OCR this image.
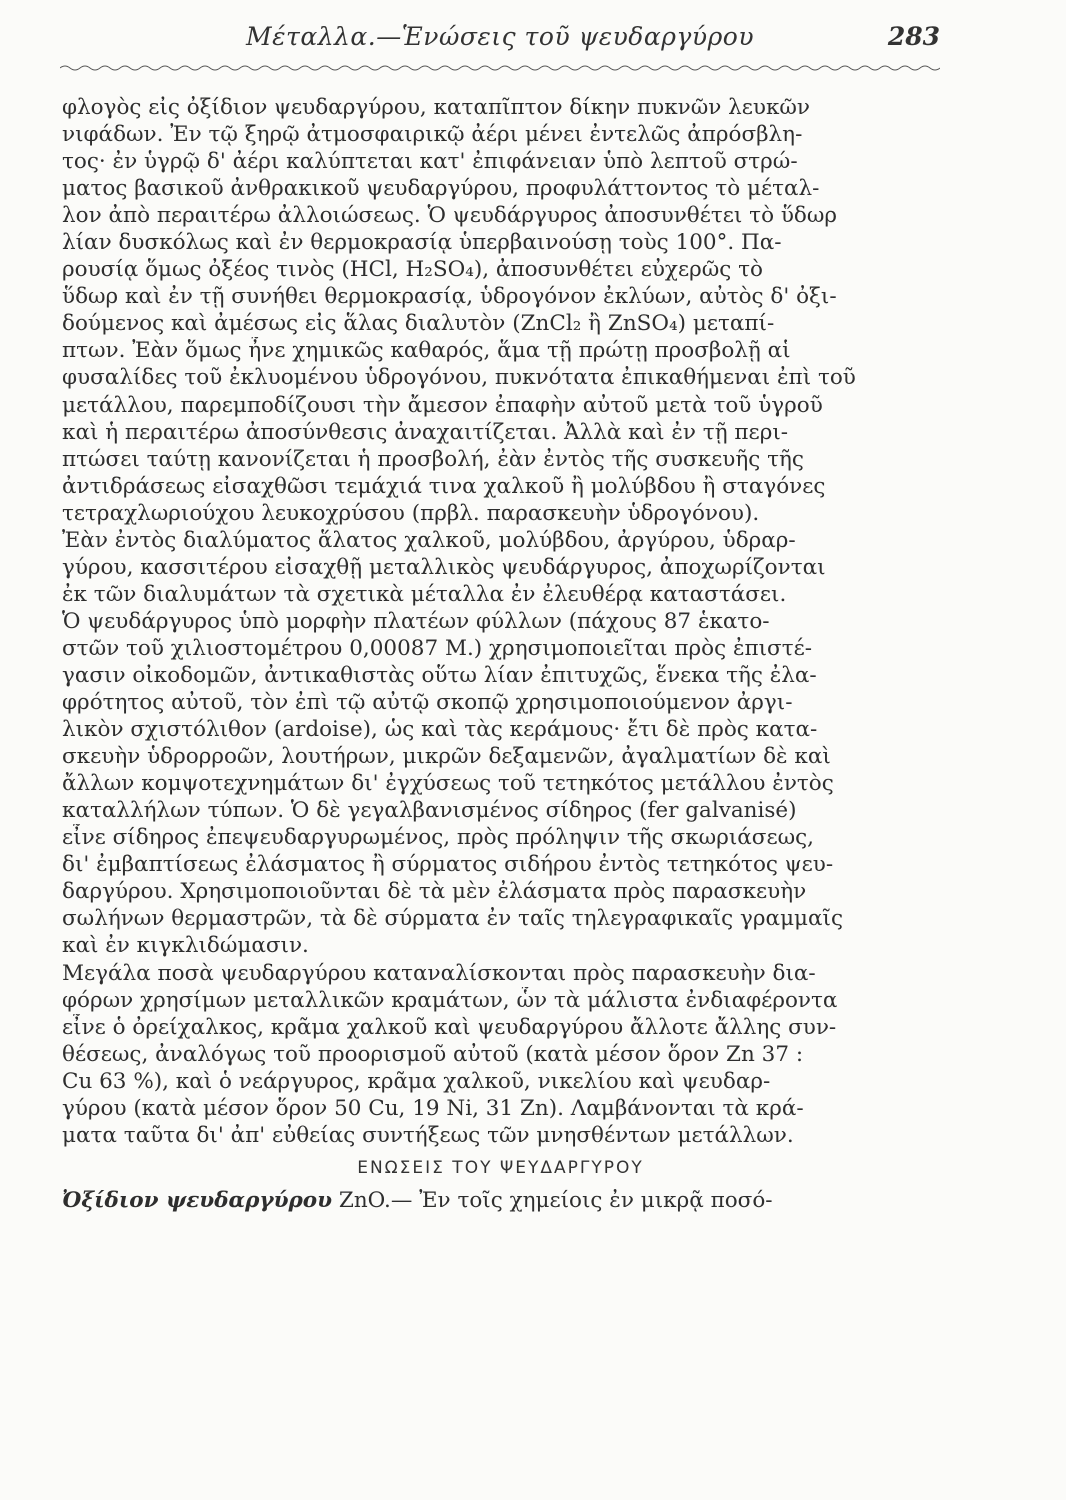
Μέταλλα.—Ἑνώσεις τοῦ ψευδαργύρου	283
φλογὸς εἰς ὀξίδιον ψευδαργύρου, καταπῖπτον δίκην πυκνῶν λευκῶν
νιφάδων. Ἐν τῷ ξηρῷ ἀτμοσφαιρικῷ ἀέρι μένει ἐντελῶς ἀπρόσβλη-
τος· ἐν ὑγρῷ δ' ἀέρι καλύπτεται κατ' ἐπιφάνειαν ὑπὸ λεπτοῦ στρώ-
ματος βασικοῦ ἀνθρακικοῦ ψευδαργύρου, προφυλάττοντος τὸ μέταλ-
λον ἀπὸ περαιτέρω ἀλλοιώσεως. Ὁ ψευδάργυρος ἀποσυνθέτει τὸ ὕδωρ
λίαν δυσκόλως καὶ ἐν θερμοκρασίᾳ ὑπερβαινούσῃ τοὺς 100°. Πα-
ρουσίᾳ ὅμως ὀξέος τινὸς (HCl, H₂SO₄), ἀποσυνθέτει εὐχερῶς τὸ
ὕδωρ καὶ ἐν τῇ συνήθει θερμοκρασίᾳ, ὑδρογόνον ἐκλύων, αὐτὸς δ' ὀξι-
δούμενος καὶ ἀμέσως εἰς ἅλας διαλυτὸν (ZnCl₂ ἢ ZnSO₄) μεταπί-
πτων. Ἐὰν ὅμως ἦνε χημικῶς καθαρός, ἅμα τῇ πρώτῃ προσβολῇ αἱ
φυσαλίδες τοῦ ἐκλυομένου ὑδρογόνου, πυκνότατα ἐπικαθήμεναι ἐπὶ τοῦ
μετάλλου, παρεμποδίζουσι τὴν ἄμεσον ἐπαφὴν αὐτοῦ μετὰ τοῦ ὑγροῦ
καὶ ἡ περαιτέρω ἀποσύνθεσις ἀναχαιτίζεται. Ἀλλὰ καὶ ἐν τῇ περι-
πτώσει ταύτῃ κανονίζεται ἡ προσβολή, ἐὰν ἐντὸς τῆς συσκευῆς τῆς
ἀντιδράσεως εἰσαχθῶσι τεμάχιά τινα χαλκοῦ ἢ μολύβδου ἢ σταγόνες
τετραχλωριούχου λευκοχρύσου (πρβλ. παρασκευὴν ὑδρογόνου).
Ἐὰν ἐντὸς διαλύματος ἅλατος χαλκοῦ, μολύβδου, ἀργύρου, ὑδραρ-
γύρου, κασσιτέρου εἰσαχθῇ μεταλλικὸς ψευδάργυρος, ἀποχωρίζονται
ἐκ τῶν διαλυμάτων τὰ σχετικὰ μέταλλα ἐν ἐλευθέρᾳ καταστάσει.
Ὁ ψευδάργυρος ὑπὸ μορφὴν πλατέων φύλλων (πάχους 87 ἑκατο-
στῶν τοῦ χιλιοστομέτρου 0,00087 Μ.) χρησιμοποιεῖται πρὸς ἐπιστέ-
γασιν οἰκοδομῶν, ἀντικαθιστὰς οὕτω λίαν ἐπιτυχῶς, ἕνεκα τῆς ἐλα-
φρότητος αὐτοῦ, τὸν ἐπὶ τῷ αὐτῷ σκοπῷ χρησιμοποιούμενον ἀργι-
λικὸν σχιστόλιθον (ardoise), ὡς καὶ τὰς κεράμους· ἔτι δὲ πρὸς κατα-
σκευὴν ὑδρορροῶν, λουτήρων, μικρῶν δεξαμενῶν, ἀγαλματίων δὲ καὶ
ἄλλων κομψοτεχνημάτων δι' ἐγχύσεως τοῦ τετηκότος μετάλλου ἐντὸς
καταλλήλων τύπων. Ὁ δὲ γεγαλβανισμένος σίδηρος (fer galvanisé)
εἶνε σίδηρος ἐπεψευδαργυρωμένος, πρὸς πρόληψιν τῆς σκωριάσεως,
δι' ἐμβαπτίσεως ἐλάσματος ἢ σύρματος σιδήρου ἐντὸς τετηκότος ψευ-
δαργύρου. Χρησιμοποιοῦνται δὲ τὰ μὲν ἐλάσματα πρὸς παρασκευὴν
σωλήνων θερμαστρῶν, τὰ δὲ σύρματα ἐν ταῖς τηλεγραφικαῖς γραμμαῖς
καὶ ἐν κιγκλιδώμασιν.
Μεγάλα ποσὰ ψευδαργύρου καταναλίσκονται πρὸς παρασκευὴν δια-
φόρων χρησίμων μεταλλικῶν κραμάτων, ὧν τὰ μάλιστα ἐνδιαφέροντα
εἶνε ὁ ὀρείχαλκος, κρᾶμα χαλκοῦ καὶ ψευδαργύρου ἄλλοτε ἄλλης συν-
θέσεως, ἀναλόγως τοῦ προορισμοῦ αὐτοῦ (κατὰ μέσον ὅρον Zn 37 :
Cu 63 %), καὶ ὁ νεάργυρος, κρᾶμα χαλκοῦ, νικελίου καὶ ψευδαρ-
γύρου (κατὰ μέσον ὅρον 50 Cu, 19 Ni, 31 Zn). Λαμβάνονται τὰ κρά-
ματα ταῦτα δι' ἀπ' εὐθείας συντήξεως τῶν μνησθέντων μετάλλων.
ΕΝΩΣΕΙΣ ΤΟΥ ΨΕΥΔΑΡΓΥΡΟΥ
Ὀξίδιον ψευδαργύρου ZnO.— Ἐν τοῖς χημείοις ἐν μικρᾷ ποσό-
